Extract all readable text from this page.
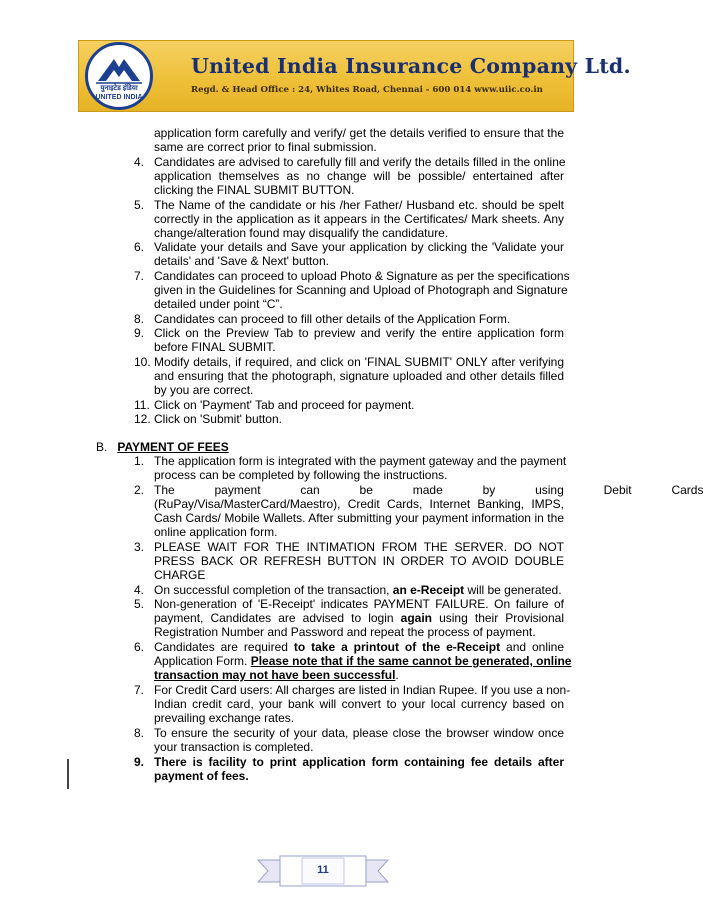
युनाइटेड इंडिया
UNITED INDIA
United India Insurance Company Ltd.
Regd. & Head Office : 24, Whites Road, Chennai - 600 014 www.uiic.co.in
application form carefully and verify/ get the details verified to ensure that the
same are correct prior to final submission.
4. Candidates are advised to carefully fill and verify the details filled in the online
application themselves as no change will be possible/ entertained after
clicking the FINAL SUBMIT BUTTON.
5. The Name of the candidate or his /her Father/ Husband etc. should be spelt
correctly in the application as it appears in the Certificates/ Mark sheets. Any
change/alteration found may disqualify the candidature.
6. Validate your details and Save your application by clicking the 'Validate your
details' and 'Save & Next' button.
7. Candidates can proceed to upload Photo & Signature as per the specifications
given in the Guidelines for Scanning and Upload of Photograph and Signature
detailed under point “C”.
8. Candidates can proceed to fill other details of the Application Form.
9. Click on the Preview Tab to preview and verify the entire application form
before FINAL SUBMIT.
10. Modify details, if required, and click on 'FINAL SUBMIT' ONLY after verifying
and ensuring that the photograph, signature uploaded and other details filled
by you are correct.
11. Click on 'Payment' Tab and proceed for payment.
12. Click on 'Submit' button.
B. PAYMENT OF FEES
1. The application form is integrated with the payment gateway and the payment
process can be completed by following the instructions.
2. The payment can be made by using Debit Cards
(RuPay/Visa/MasterCard/Maestro), Credit Cards, Internet Banking, IMPS,
Cash Cards/ Mobile Wallets. After submitting your payment information in the
online application form.
3. PLEASE WAIT FOR THE INTIMATION FROM THE SERVER. DO NOT
PRESS BACK OR REFRESH BUTTON IN ORDER TO AVOID DOUBLE
CHARGE
4. On successful completion of the transaction, an e-Receipt will be generated.
5. Non-generation of 'E-Receipt' indicates PAYMENT FAILURE. On failure of
payment, Candidates are advised to login again using their Provisional
Registration Number and Password and repeat the process of payment.
6. Candidates are required to take a printout of the e-Receipt and online
Application Form. Please note that if the same cannot be generated, online
transaction may not have been successful.
7. For Credit Card users: All charges are listed in Indian Rupee. If you use a non-
Indian credit card, your bank will convert to your local currency based on
prevailing exchange rates.
8. To ensure the security of your data, please close the browser window once
your transaction is completed.
9. There is facility to print application form containing fee details after
payment of fees.
11
